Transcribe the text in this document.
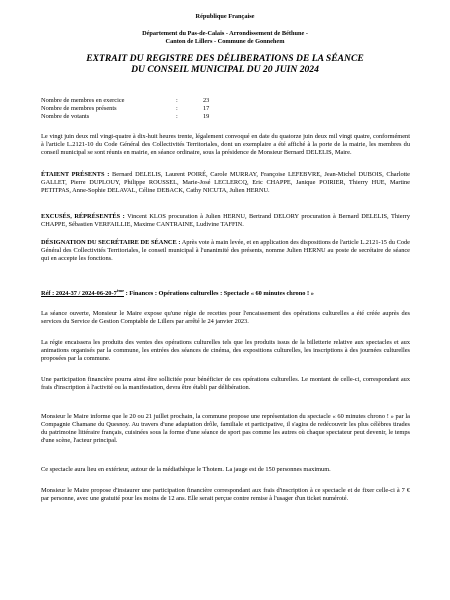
République Française
Département du Pas-de-Calais - Arrondissement de Béthune -
Canton de Lillers - Commune de Gonnehem
EXTRAIT DU REGISTRE DES DÉLIBERATIONS DE LA SÉANCE
DU CONSEIL MUNICIPAL DU 20 JUIN 2024
Nombre de membres en exercice	:	23
Nombre de membres présents	:	17
Nombre de votants	:	19

Le vingt juin deux mil vingt-quatre à dix-huit heures trente, légalement convoqué en date du quatorze juin deux mil vingt quatre, conformément à l'article L.2121-10 du Code Général des Collectivités Territoriales, dont un exemplaire a été affiché à la porte de la mairie, les membres du conseil municipal se sont réunis en mairie, en séance ordinaire, sous la présidence de Monsieur Bernard DELELIS, Maire.

ÉTAIENT PRÉSENTS : Bernard DELELIS, Laurent POIRÉ, Carole MURRAY, Françoise LEFEBVRE, Jean-Michel DUBOIS, Charlotte GALLET, Pierre DUPLOUY, Philippe ROUSSEL, Marie-José LECLERCQ, Eric CHAPPE, Janique POIRIER, Thierry HUE, Martine PETITPAS, Anne-Sophie DELAVAL, Céline DEBACK, Cathy NICUTA, Julien HERNU.

EXCUSÉS, RÉPRÉSENTÉS : Vincent KLOS procuration à Julien HERNU, Bertrand DELORY procuration à Bernard DELELIS, Thierry CHAPPE, Sébastien VERFAILLIE, Maxime CANTRAINE, Ludivine TAFFIN.

DÉSIGNATION DU SECRÉTAIRE DE SÉANCE : Après vote à main levée, et en application des dispositions de l'article L.2121-15 du Code Général des Collectivités Territoriales, le conseil municipal à l'unanimité des présents, nomme Julien HERNU au poste de secrétaire de séance qui en accepte les fonctions.

Réf : 2024-37 / 2024-06-20-7ème : Finances : Opérations culturelles : Spectacle « 60 minutes chrono ! »

La séance ouverte, Monsieur le Maire expose qu'une régie de recettes pour l'encaissement des opérations culturelles a été créée auprès des services du Service de Gestion Comptable de Lillers par arrêté le 24 janvier 2023.

La régie encaissera les produits des ventes des opérations culturelles tels que les produits issus de la billetterie relative aux spectacles et aux animations organisés par la commune, les entrées des séances de cinéma, des expositions culturelles, les inscriptions à des journées culturelles proposées par la commune.

Une participation financière pourra ainsi être sollicitée pour bénéficier de ces opérations culturelles. Le montant de celle-ci, correspondant aux frais d'inscription à l'activité ou la manifestation, devra être établi par délibération.

Monsieur le Maire informe que le 20 ou 21 juillet prochain, la commune propose une représentation du spectacle « 60 minutes chrono ! » par la Compagnie Chamane du Quesnoy. Au travers d'une adaptation drôle, familiale et participative, il s'agira de redécouvrir les plus célèbres tirades du patrimoine littéraire français, cuisinées sous la forme d'une séance de sport pas comme les autres où chaque spectateur peut devenir, le temps d'une scène, l'acteur principal.

Ce spectacle aura lieu en extérieur, autour de la médiathèque le Thotem. La jauge est de 150 personnes maximum.

Monsieur le Maire propose d'instaurer une participation financière correspondant aux frais d'inscription à ce spectacle et de fixer celle-ci à 7 € par personne, avec une gratuité pour les moins de 12 ans. Elle serait perçue contre remise à l'usager d'un ticket numéroté.
